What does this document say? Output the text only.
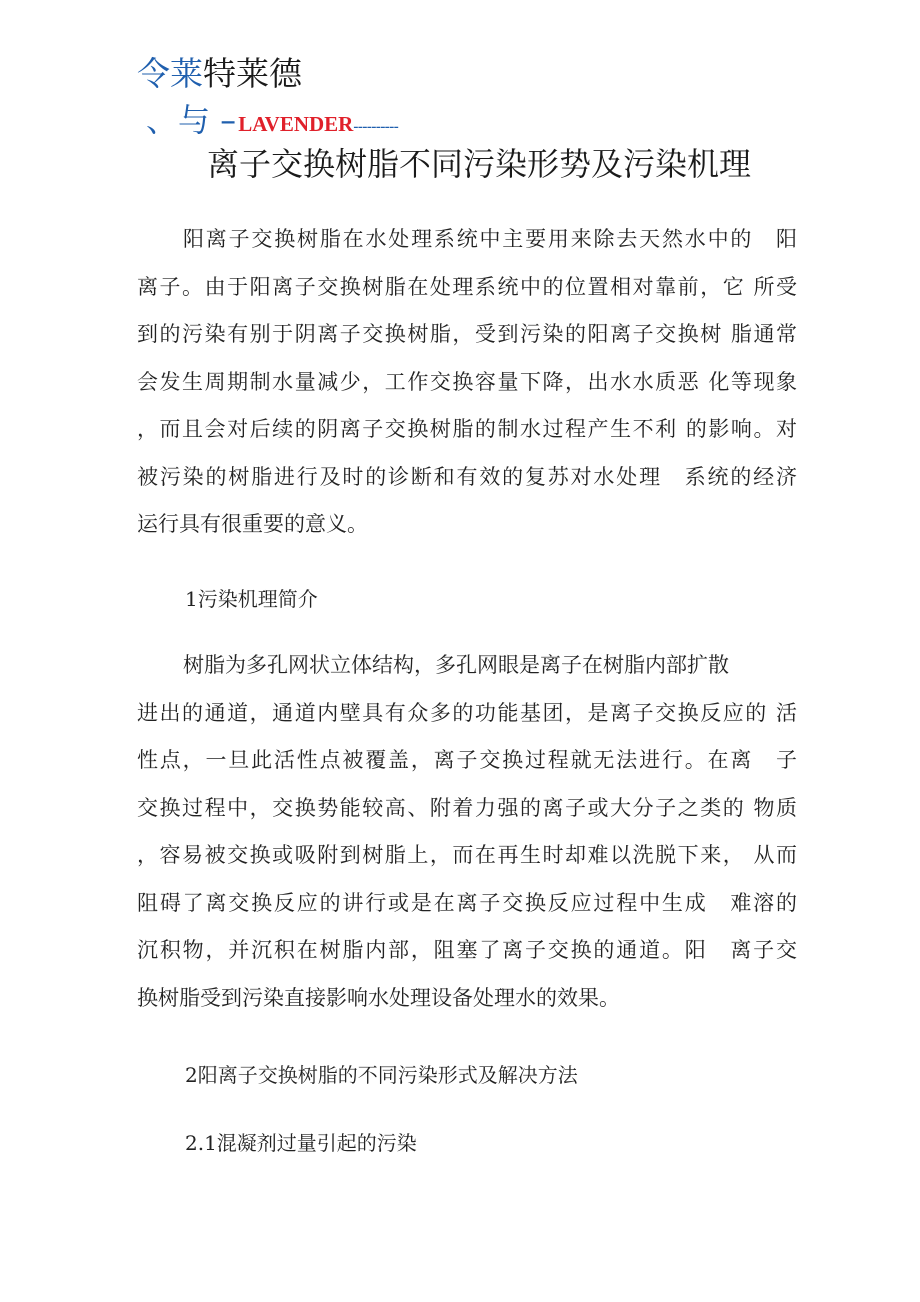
令莱特莱德
、与 –LAVENDER----------
离子交换树脂不同污染形势及污染机理
阳离子交换树脂在水处理系统中主要用来除去天然水中的　阳
离子。由于阳离子交换树脂在处理系统中的位置相对靠前，它 所受
到的污染有别于阴离子交换树脂，受到污染的阳离子交换树 脂通常
会发生周期制水量减少，工作交换容量下降，出水水质恶 化等现象
，而且会对后续的阴离子交换树脂的制水过程产生不利 的影响。对
被污染的树脂进行及时的诊断和有效的复苏对水处理　系统的经济
运行具有很重要的意义。
1污染机理简介
树脂为多孔网状立体结构，多孔网眼是离子在树脂内部扩散
进出的通道，通道内壁具有众多的功能基团，是离子交换反应的 活
性点，一旦此活性点被覆盖，离子交换过程就无法进行。在离　子
交换过程中，交换势能较高、附着力强的离子或大分子之类的 物质
，容易被交换或吸附到树脂上，而在再生时却难以洗脱下来， 从而
阻碍了离交换反应的讲行或是在离子交换反应过程中生成　难溶的
沉积物，并沉积在树脂内部，阻塞了离子交换的通道。阳　离子交
换树脂受到污染直接影响水处理设备处理水的效果。
2阳离子交换树脂的不同污染形式及解决方法
2.1混凝剂过量引起的污染
